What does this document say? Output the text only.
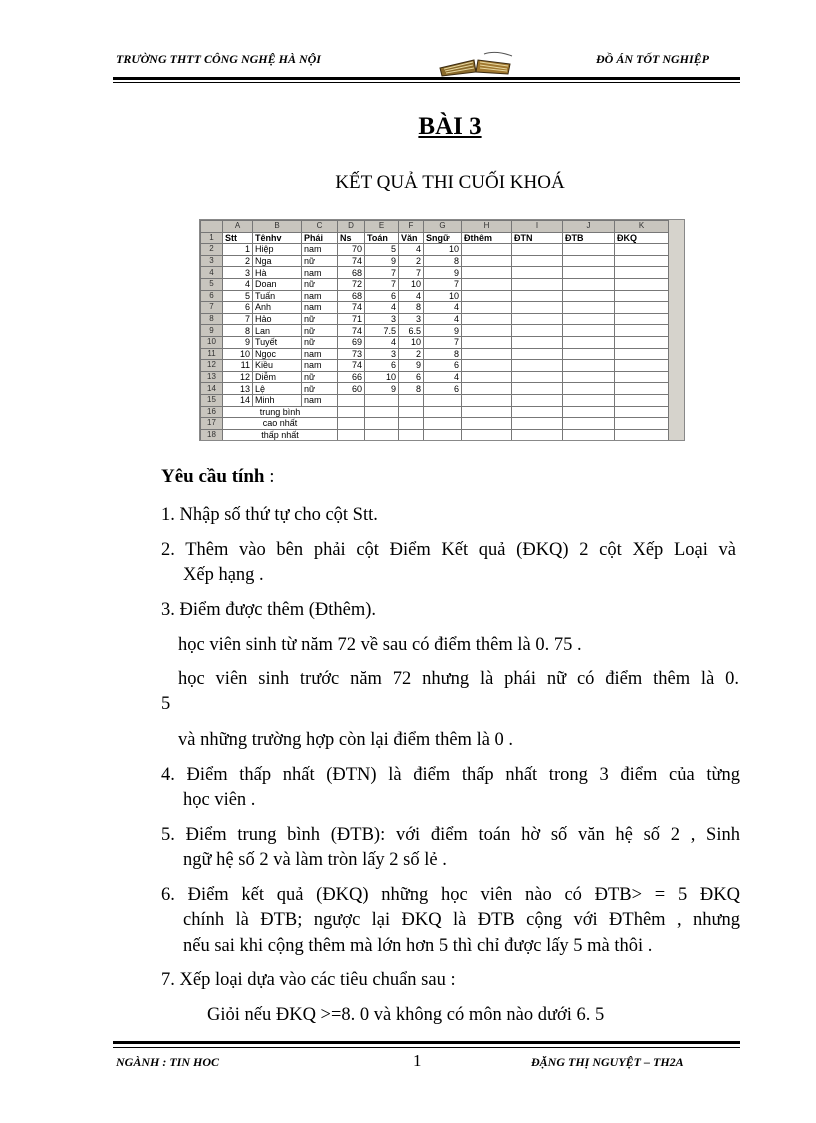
TRƯỜNG THTT CÔNG NGHỆ HÀ NỘI	ĐỒ ÁN TỐT NGHIỆP
BÀI 3
KẾT QUẢ THI CUỐI KHOÁ
	A	B	C	D	E	F	G	H	I	J	K
1	Stt	Tênhv	Phái	Ns	Toán	Văn	Sngữ	Đthêm	ĐTN	ĐTB	ĐKQ
2	1	Hiệp	nam	70	5	4	10				
3	2	Nga	nữ	74	9	2	8				
4	3	Hà	nam	68	7	7	9				
5	4	Doan	nữ	72	7	10	7				
6	5	Tuấn	nam	68	6	4	10				
7	6	Anh	nam	74	4	8	4				
8	7	Hảo	nữ	71	3	3	4				
9	8	Lan	nữ	74	7.5	6.5	9				
10	9	Tuyết	nữ	69	4	10	7				
11	10	Ngọc	nam	73	3	2	8				
12	11	Kiều	nam	74	6	9	6				
13	12	Diễm	nữ	66	10	6	4				
14	13	Lệ	nữ	60	9	8	6				
15	14	Minh	nam								
16	trung bình										
17	cao nhất										
18	thấp nhất										
Yêu cầu tính :
1. Nhập số thứ tự cho cột Stt.
2. Thêm vào bên phải cột Điểm Kết quả (ĐKQ) 2 cột Xếp Loại và
Xếp hạng .
3. Điểm được thêm (Đthêm).
học viên sinh từ năm 72 về sau có điểm thêm là 0. 75 .
học viên sinh trước năm 72 nhưng là phái nữ có điểm thêm là 0.
5
và những trường hợp còn lại điểm thêm là 0 .
4. Điểm thấp nhất (ĐTN) là điểm thấp nhất trong 3 điểm của từng
học viên .
5. Điểm trung bình (ĐTB): với điểm toán hờ số văn hệ số 2 , Sinh
ngữ hệ số 2 và làm tròn lấy 2 số lẻ .
6. Điểm kết quả (ĐKQ) những học viên nào có ĐTB> = 5 ĐKQ
chính là ĐTB; ngược lại ĐKQ là ĐTB cộng với ĐThêm , nhưng
nếu sai khi cộng thêm mà lớn hơn 5 thì chỉ được lấy 5 mà thôi .
7. Xếp loại dựa vào các tiêu chuẩn sau :
Giỏi nếu ĐKQ >=8. 0 và không có môn nào dưới 6. 5
NGÀNH : TIN HOC	1	ĐẶNG THỊ NGUYỆT – TH2A
